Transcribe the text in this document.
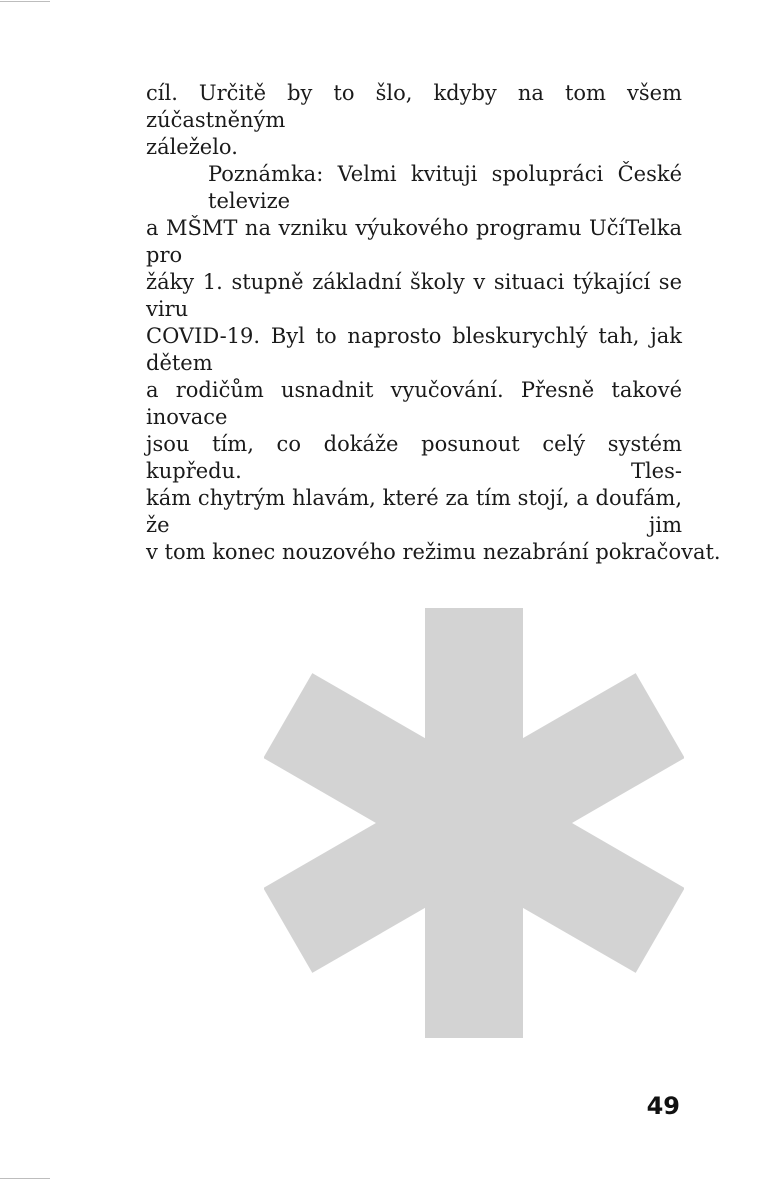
cíl. Určitě by to šlo, kdyby na tom všem zúčastněným
záleželo.
Poznámka: Velmi kvituji spolupráci České televize
a MŠMT na vzniku výukového programu UčíTelka pro
žáky 1. stupně základní školy v situaci týkající se viru
COVID-19. Byl to naprosto bleskurychlý tah, jak dětem
a rodičům usnadnit vyučování. Přesně takové inovace
jsou tím, co dokáže posunout celý systém kupředu. Tles-
kám chytrým hlavám, které za tím stojí, a doufám, že jim
v tom konec nouzového režimu nezabrání pokračovat.
49
